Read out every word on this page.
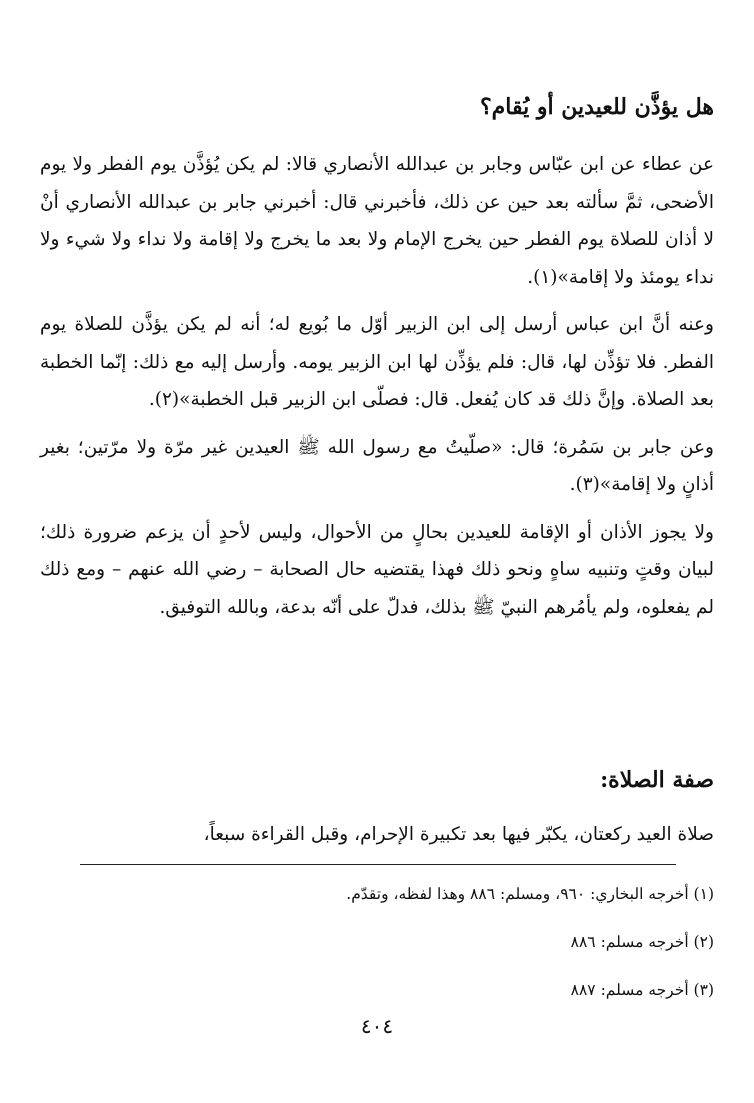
هل يؤذَّن للعيدين أو يُقام؟

عن عطاء عن ابن عبّاس وجابر بن عبدالله الأنصاري قالا: لم يكن يُؤذَّن يوم الفطر ولا يوم الأضحى، ثمَّ سألته بعد حين عن ذلك، فأخبرني قال: أخبرني جابر بن عبدالله الأنصاري أنْ لا أذان للصلاة يوم الفطر حين يخرج الإمام ولا بعد ما يخرج ولا إقامة ولا نداء ولا شيء ولا نداء يومئذ ولا إقامة»(١).

وعنه أنَّ ابن عباس أرسل إلى ابن الزبير أوّل ما بُويع له؛ أنه لم يكن يؤذَّن للصلاة يوم الفطر. فلا تؤذِّن لها، قال: فلم يؤذِّن لها ابن الزبير يومه. وأرسل إليه مع ذلك: إنّما الخطبة بعد الصلاة. وإنَّ ذلك قد كان يُفعل. قال: فصلّى ابن الزبير قبل الخطبة»(٢).

وعن جابر بن سَمُرة؛ قال: «صلّيتُ مع رسول الله ﷺ العيدين غير مرّة ولا مرّتين؛ بغير أذانٍ ولا إقامة»(٣).

ولا يجوز الأذان أو الإقامة للعيدين بحالٍ من الأحوال، وليس لأحدٍ أن يزعم ضرورة ذلك؛ لبيان وقتٍ وتنبيه ساهٍ ونحو ذلك فهذا يقتضيه حال الصحابة – رضي الله عنهم – ومع ذلك لم يفعلوه، ولم يأمُرهم النبيّ ﷺ بذلك، فدلّ على أنّه بدعة، وبالله التوفيق.

صفة الصلاة:

صلاة العيد ركعتان، يكبّر فيها بعد تكبيرة الإحرام، وقبل القراءة سبعاً،

(١) أخرجه البخاري: ٩٦٠، ومسلم: ٨٨٦ وهذا لفظه، وتقدّم.
(٢) أخرجه مسلم: ٨٨٦
(٣) أخرجه مسلم: ٨٨٧
٤٠٤
